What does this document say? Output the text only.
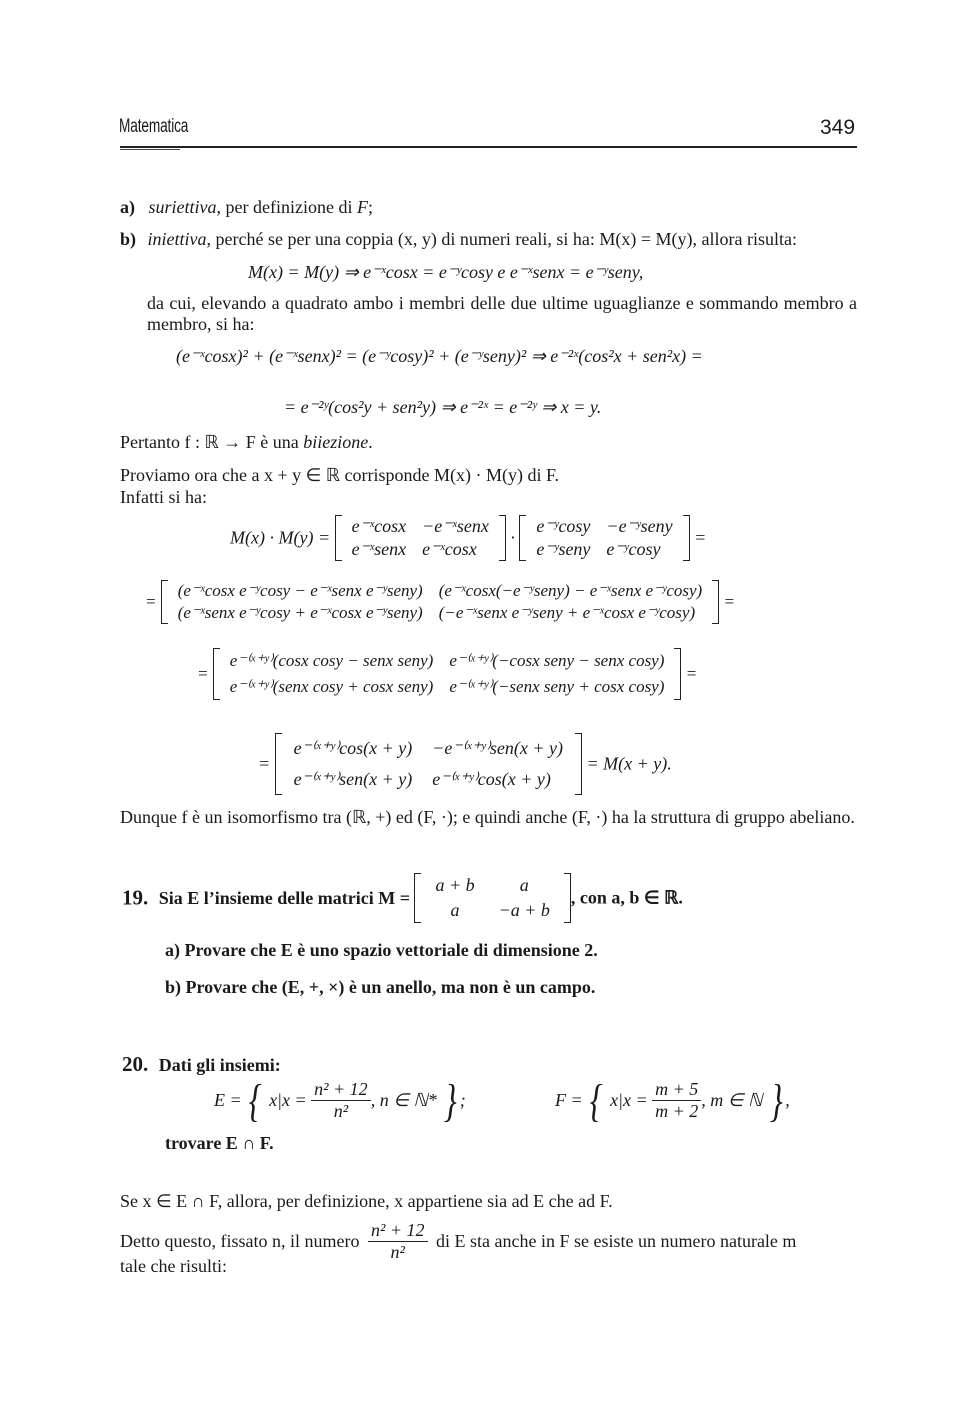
Matematica	349
a) suriettiva, per definizione di F;
b) iniettiva, perché se per una coppia (x, y) di numeri reali, si ha: M(x) = M(y), allora risulta:
M(x) = M(y) ⇒ e⁻ˣcosx = e⁻ʸcosy e e⁻ˣsenx = e⁻ʸseny,
da cui, elevando a quadrato ambo i membri delle due ultime uguaglianze e sommando membro a membro, si ha:
(e⁻ˣcosx)² + (e⁻ˣsenx)² = (e⁻ʸcosy)² + (e⁻ʸseny)² ⇒ e⁻²ˣ(cos²x + sen²x) =
= e⁻²ʸ(cos²y + sen²y) ⇒ e⁻²ˣ = e⁻²ʸ ⇒ x = y.
Pertanto f : ℝ → F è una biiezione.
Proviamo ora che a x + y ∈ ℝ corrisponde M(x) · M(y) di F.
Infatti si ha:
M(x) · M(y) =
e⁻ˣcosx	−e⁻ˣsenx
e⁻ˣsenx	e⁻ˣcosx
·
e⁻ʸcosy	−e⁻ʸseny
e⁻ʸseny	e⁻ʸcosy
=
=
(e⁻ˣcosx e⁻ʸcosy − e⁻ˣsenx e⁻ʸseny)	(e⁻ˣcosx(−e⁻ʸseny) − e⁻ˣsenx e⁻ʸcosy)
(e⁻ˣsenx e⁻ʸcosy + e⁻ˣcosx e⁻ʸseny)	(−e⁻ˣsenx e⁻ʸseny + e⁻ˣcosx e⁻ʸcosy)
=
=
e⁻⁽ˣ⁺ʸ⁾(cosx cosy − senx seny)	e⁻⁽ˣ⁺ʸ⁾(−cosx seny − senx cosy)
e⁻⁽ˣ⁺ʸ⁾(senx cosy + cosx seny)	e⁻⁽ˣ⁺ʸ⁾(−senx seny + cosx cosy)
=
=
e⁻⁽ˣ⁺ʸ⁾cos(x + y)	−e⁻⁽ˣ⁺ʸ⁾sen(x + y)
e⁻⁽ˣ⁺ʸ⁾sen(x + y)	e⁻⁽ˣ⁺ʸ⁾cos(x + y)
= M(x + y).
Dunque f è un isomorfismo tra (ℝ, +) ed (F, ·); e quindi anche (F, ·) ha la struttura di gruppo abeliano.
19. Sia E l’insieme delle matrici M =
a + b	a
a	−a + b
, con a, b ∈ ℝ.
a) Provare che E è uno spazio vettoriale di dimensione 2.
b) Provare che (E, +, ×) è un anello, ma non è un campo.
20. Dati gli insiemi:
E = { $x|x = \frac{\text{n² + 12}}{\text{n²}}$ , n ∈ ℕ* } ;	F = { $x|x = \frac{m + 5}{m + 2}$ , m ∈ ℕ } ,
trovare E ∩ F.
Se x ∈ E ∩ F, allora, per definizione, x appartiene sia ad E che ad F.
Detto questo, fissato n, il numero $\frac{\text{n² + 12}}{\text{n²}}$ di E sta anche in F se esiste un numero naturale m
tale che risulti:
